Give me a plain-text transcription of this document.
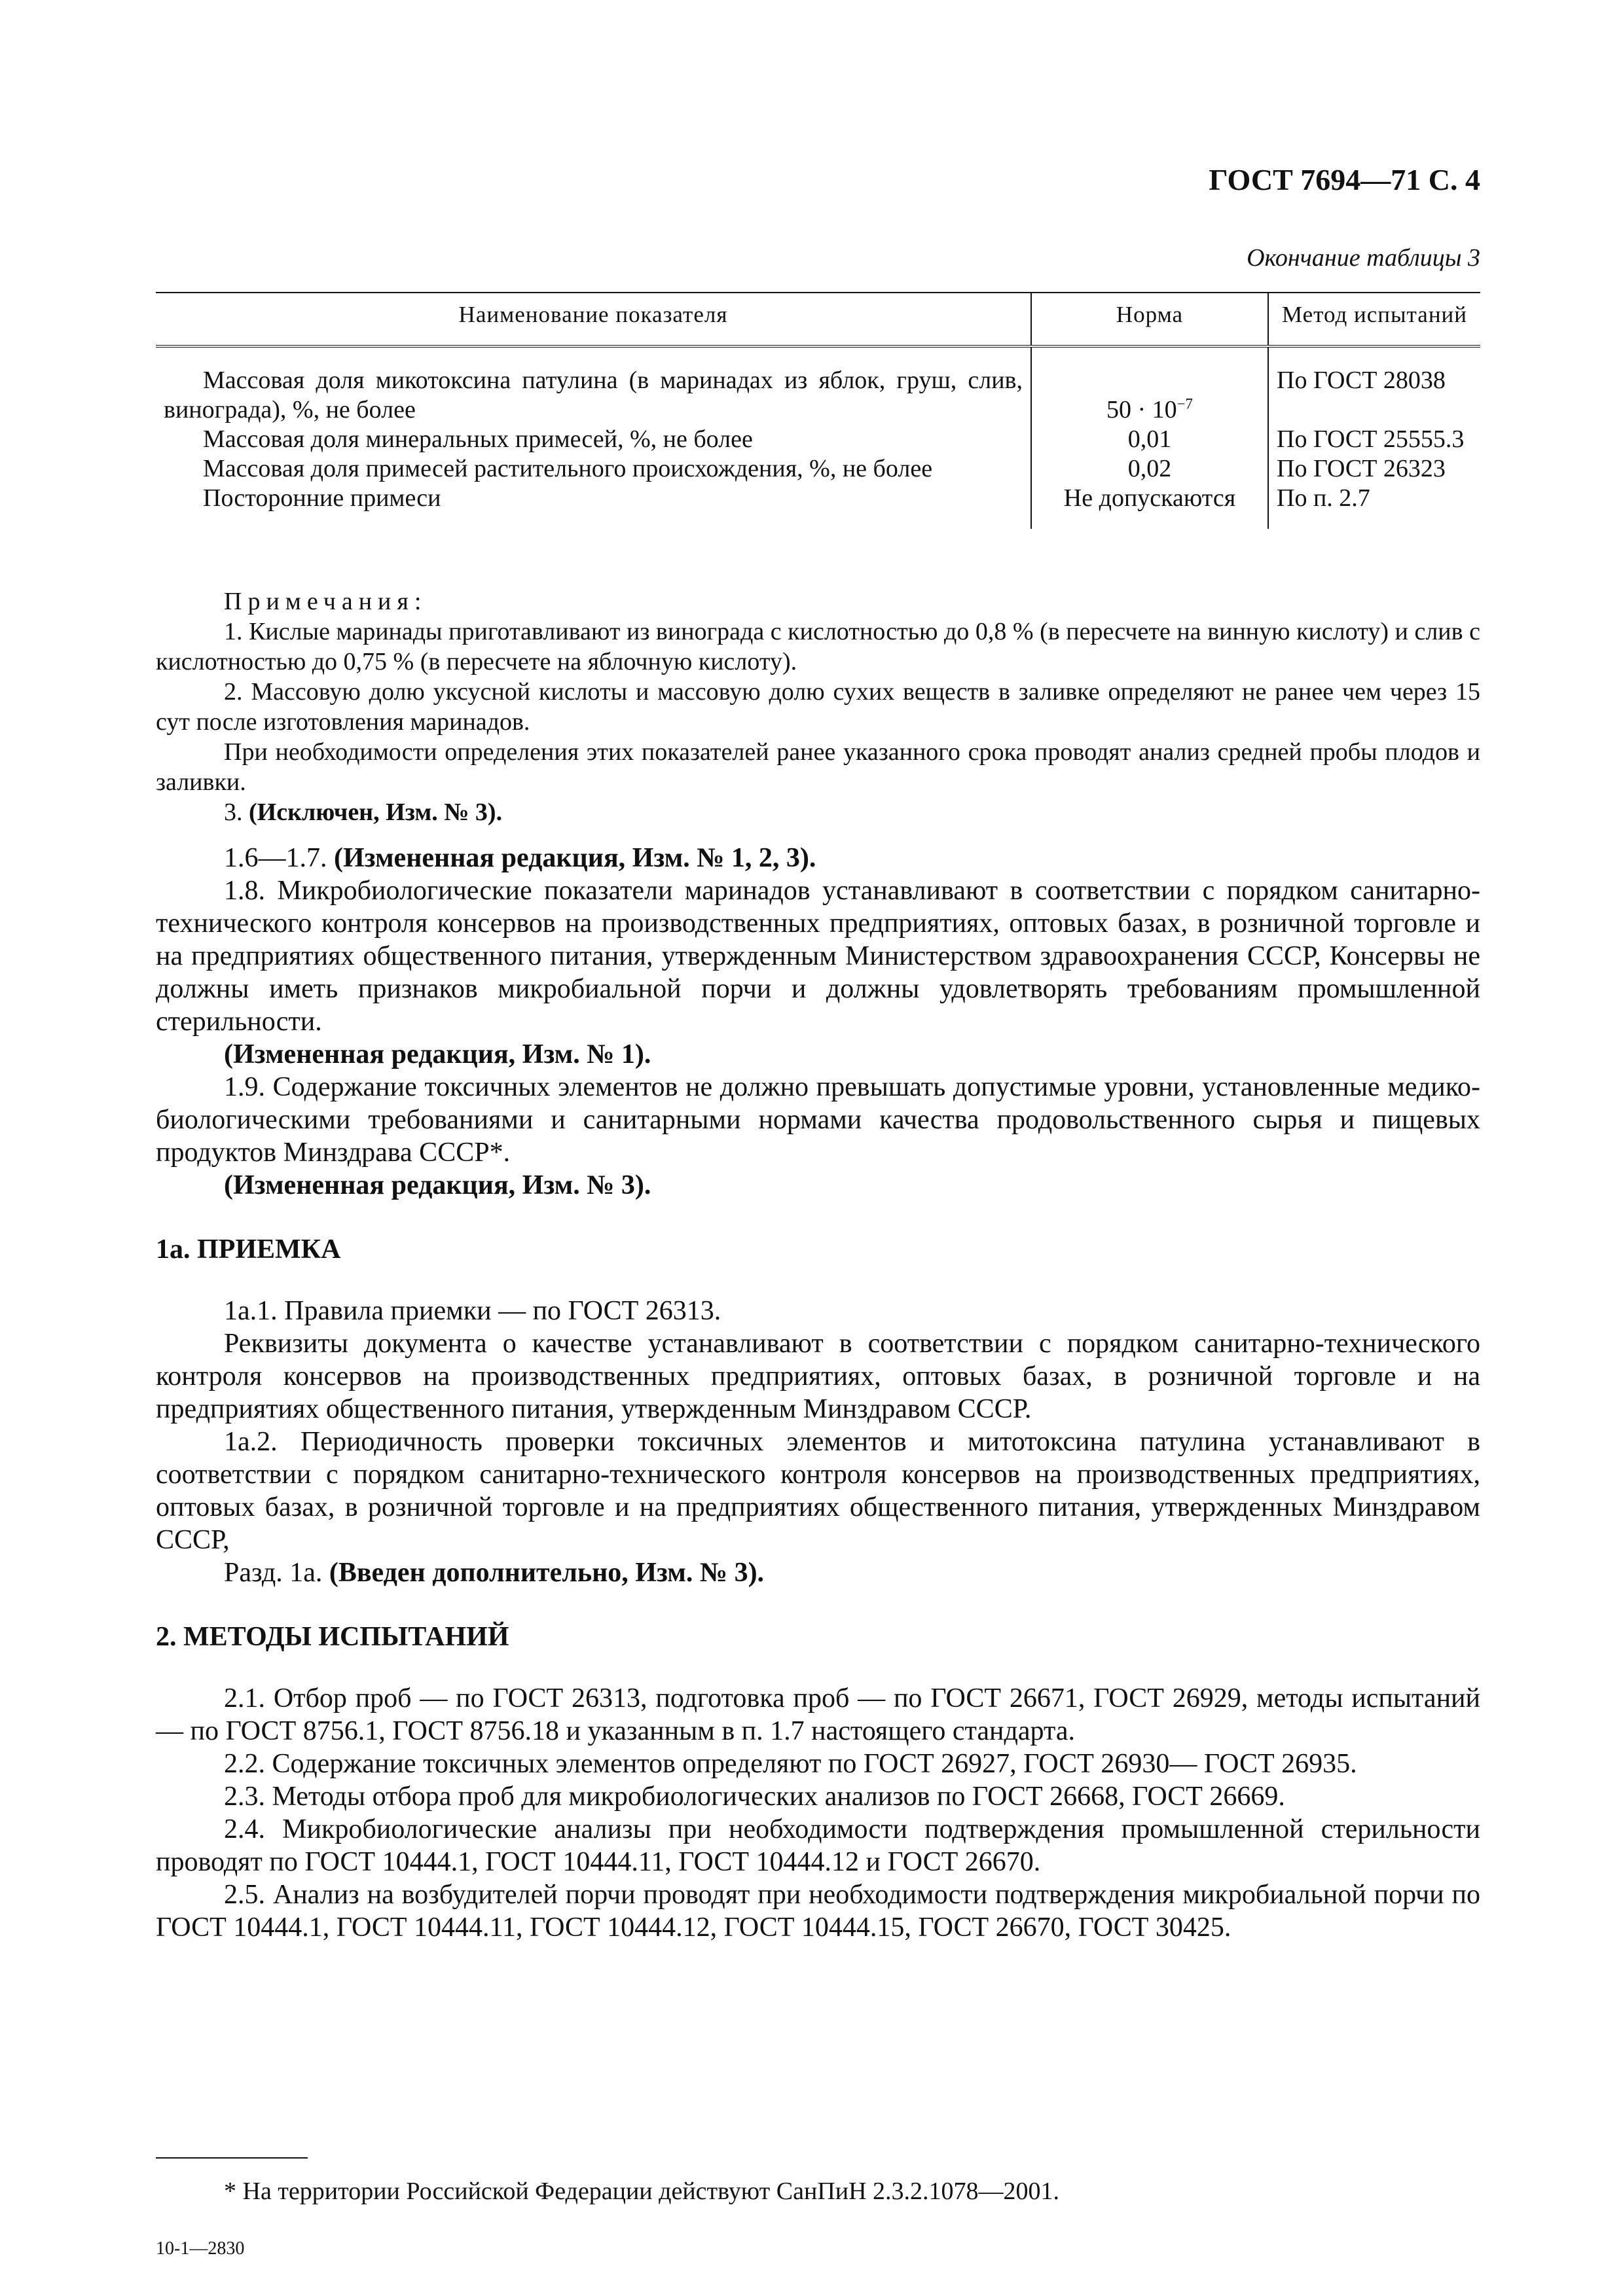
ГОСТ 7694—71 С. 4
Окончание таблицы 3
Наименование показателя	Норма	Метод испытаний

Массовая доля микотоксина патулина (в маринадах из яблок, груш, слив, винограда), %, не более	$50 \cdot 10^{-7}$	По ГОСТ 28038

Массовая доля минеральных примесей, %, не более	0,01	По ГОСТ 25555.3

Массовая доля примесей растительного происхождения, %, не более	0,02	По ГОСТ 26323

Посторонние примеси	Не допускаются	По п. 2.7

Примечания:

1. Кислые маринады приготавливают из винограда с кислотностью до 0,8 % (в пересчете на винную кислоту) и слив с кислотностью до 0,75 % (в пересчете на яблочную кислоту).

2. Массовую долю уксусной кислоты и массовую долю сухих веществ в заливке определяют не ранее чем через 15 сут после изготовления маринадов.

При необходимости определения этих показателей ранее указанного срока проводят анализ средней пробы плодов и заливки.

3. (Исключен, Изм. № 3).

1.6—1.7. (Измененная редакция, Изм. № 1, 2, 3).

1.8. Микробиологические показатели маринадов устанавливают в соответствии с порядком санитарно-технического контроля консервов на производственных предприятиях, оптовых базах, в розничной торговле и на предприятиях общественного питания, утвержденным Министерством здравоохранения СССР, Консервы не должны иметь признаков микробиальной порчи и должны удовлетворять требованиям промышленной стерильности.

(Измененная редакция, Изм. № 1).

1.9. Содержание токсичных элементов не должно превышать допустимые уровни, установленные медико-биологическими требованиями и санитарными нормами качества продовольственного сырья и пищевых продуктов Минздрава СССР*.

(Измененная редакция, Изм. № 3).

1а. ПРИЕМКА

1а.1. Правила приемки — по ГОСТ 26313.

Реквизиты документа о качестве устанавливают в соответствии с порядком санитарно-технического контроля консервов на производственных предприятиях, оптовых базах, в розничной торговле и на предприятиях общественного питания, утвержденным Минздравом СССР.

1а.2. Периодичность проверки токсичных элементов и митотоксина патулина устанавливают в соответствии с порядком санитарно-технического контроля консервов на производственных предприятиях, оптовых базах, в розничной торговле и на предприятиях общественного питания, утвержденных Минздравом СССР,

Разд. 1а. (Введен дополнительно, Изм. № 3).

2. МЕТОДЫ ИСПЫТАНИЙ

2.1. Отбор проб — по ГОСТ 26313, подготовка проб — по ГОСТ 26671, ГОСТ 26929, методы испытаний — по ГОСТ 8756.1, ГОСТ 8756.18 и указанным в п. 1.7 настоящего стандарта.

2.2. Содержание токсичных элементов определяют по ГОСТ 26927, ГОСТ 26930— ГОСТ 26935.

2.3. Методы отбора проб для микробиологических анализов по ГОСТ 26668, ГОСТ 26669.

2.4. Микробиологические анализы при необходимости подтверждения промышленной стерильности проводят по ГОСТ 10444.1, ГОСТ 10444.11, ГОСТ 10444.12 и ГОСТ 26670.

2.5. Анализ на возбудителей порчи проводят при необходимости подтверждения микробиальной порчи по ГОСТ 10444.1, ГОСТ 10444.11, ГОСТ 10444.12, ГОСТ 10444.15, ГОСТ 26670, ГОСТ 30425.

* На территории Российской Федерации действуют СанПиН 2.3.2.1078—2001.
10-1—2830
